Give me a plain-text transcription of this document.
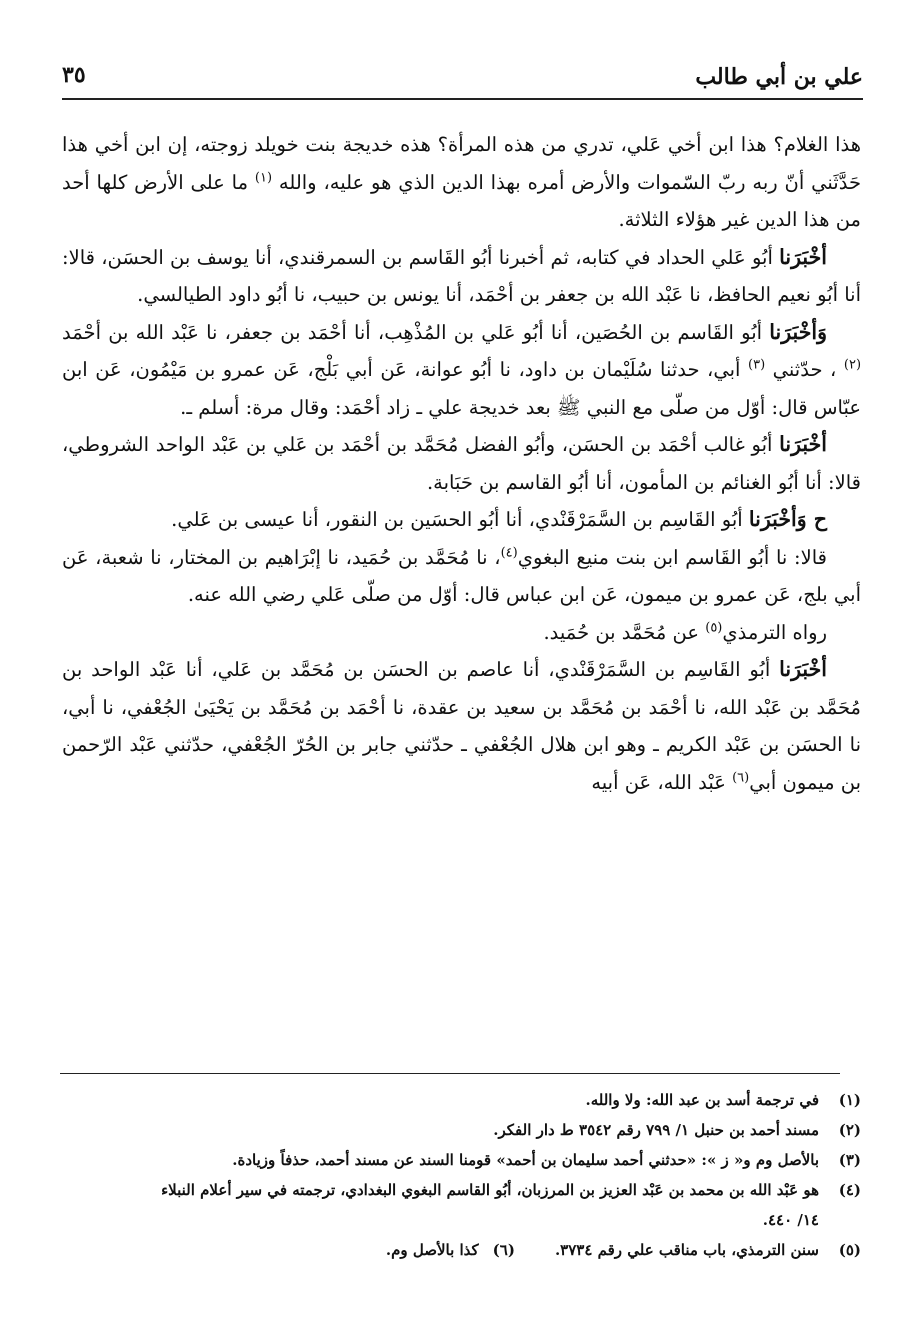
علي بن أبي طالب
٣٥

هذا الغلام؟ هذا ابن أخي عَلي، تدري من هذه المرأة؟ هذه خديجة بنت خويلد زوجته، إن ابن أخي هذا حَدَّثَني أنّ ربه ربّ السّموات والأرض أمره بهذا الدين الذي هو عليه، والله $^{(١)}$ ما على الأرض كلها أحد من هذا الدين غير هؤلاء الثلاثة.

أخْبَرَنا أبُو عَلي الحداد في كتابه، ثم أخبرنا أبُو القَاسم بن السمرقندي، أنا يوسف بن الحسَن، قالا: أنا أبُو نعيم الحافظ، نا عَبْد الله بن جعفر بن أحْمَد، أنا يونس بن حبيب، نا أبُو داود الطيالسي.

وَأخْبَرَنا أبُو القَاسم بن الحُصَين، أنا أبُو عَلي بن المُذْهِب، أنا أحْمَد بن جعفر، نا عَبْد الله بن أحْمَد $^{(٢)}$ ، حدّثني $^{(٣)}$ أبي، حدثنا سُلَيْمان بن داود، نا أبُو عوانة، عَن أبي بَلْج، عَن عمرو بن مَيْمُون، عَن ابن عبّاس قال: أوّل من صلّى مع النبي ﷺ بعد خديجة علي ـ زاد أحْمَد: وقال مرة: أسلم ـ.

أخْبَرَنا أبُو غالب أحْمَد بن الحسَن، وأبُو الفضل مُحَمَّد بن أحْمَد بن عَلي بن عَبْد الواحد الشروطي، قالا: أنا أبُو الغنائم بن المأمون، أنا أبُو القاسم بن حَبَابة.

ح وَأخْبَرَنا أبُو القَاسِم بن السَّمَرْقَنْدي، أنا أبُو الحسَين بن النقور، أنا عيسى بن عَلي.

قالا: نا أبُو القَاسم ابن بنت منيع البغوي$^{(٤)}$، نا مُحَمَّد بن حُمَيد، نا إبْرَاهيم بن المختار، نا شعبة، عَن أبي بلج، عَن عمرو بن ميمون، عَن ابن عباس قال: أوّل من صلّى عَلي رضي الله عنه.

رواه الترمذي$^{(٥)}$ عن مُحَمَّد بن حُمَيد.

أخْبَرَنا أبُو القَاسِم بن السَّمَرْقَنْدي، أنا عاصم بن الحسَن بن مُحَمَّد بن عَلي، أنا عَبْد الواحد بن مُحَمَّد بن عَبْد الله، نا أحْمَد بن مُحَمَّد بن سعيد بن عقدة، نا أحْمَد بن مُحَمَّد بن يَحْيَىٰ الجُعْفي، نا أبي، نا الحسَن بن عَبْد الكريم ـ وهو ابن هلال الجُعْفي ـ حدّثني جابر بن الحُرّ الجُعْفي، حدّثني عَبْد الرّحمن بن ميمون أبي$^{(٦)}$ عَبْد الله، عَن أبيه

(١)
في ترجمة أسد بن عبد الله: ولا والله.
(٢)
مسند أحمد بن حنبل ١/ ٧٩٩ رقم ٣٥٤٢ ط دار الفكر.
(٣)
بالأصل وم و« ز »: «حدثني أحمد سليمان بن أحمد» قومنا السند عن مسند أحمد، حذفاً وزيادة.
(٤)
هو عَبْد الله بن محمد بن عَبْد العزيز بن المرزبان، أبُو القاسم البغوي البغدادي، ترجمته في سير أعلام النبلاء
١٤/ ٤٤٠.
(٥)
سنن الترمذي، باب مناقب علي رقم ٣٧٣٤.
(٦)
كذا بالأصل وم.
